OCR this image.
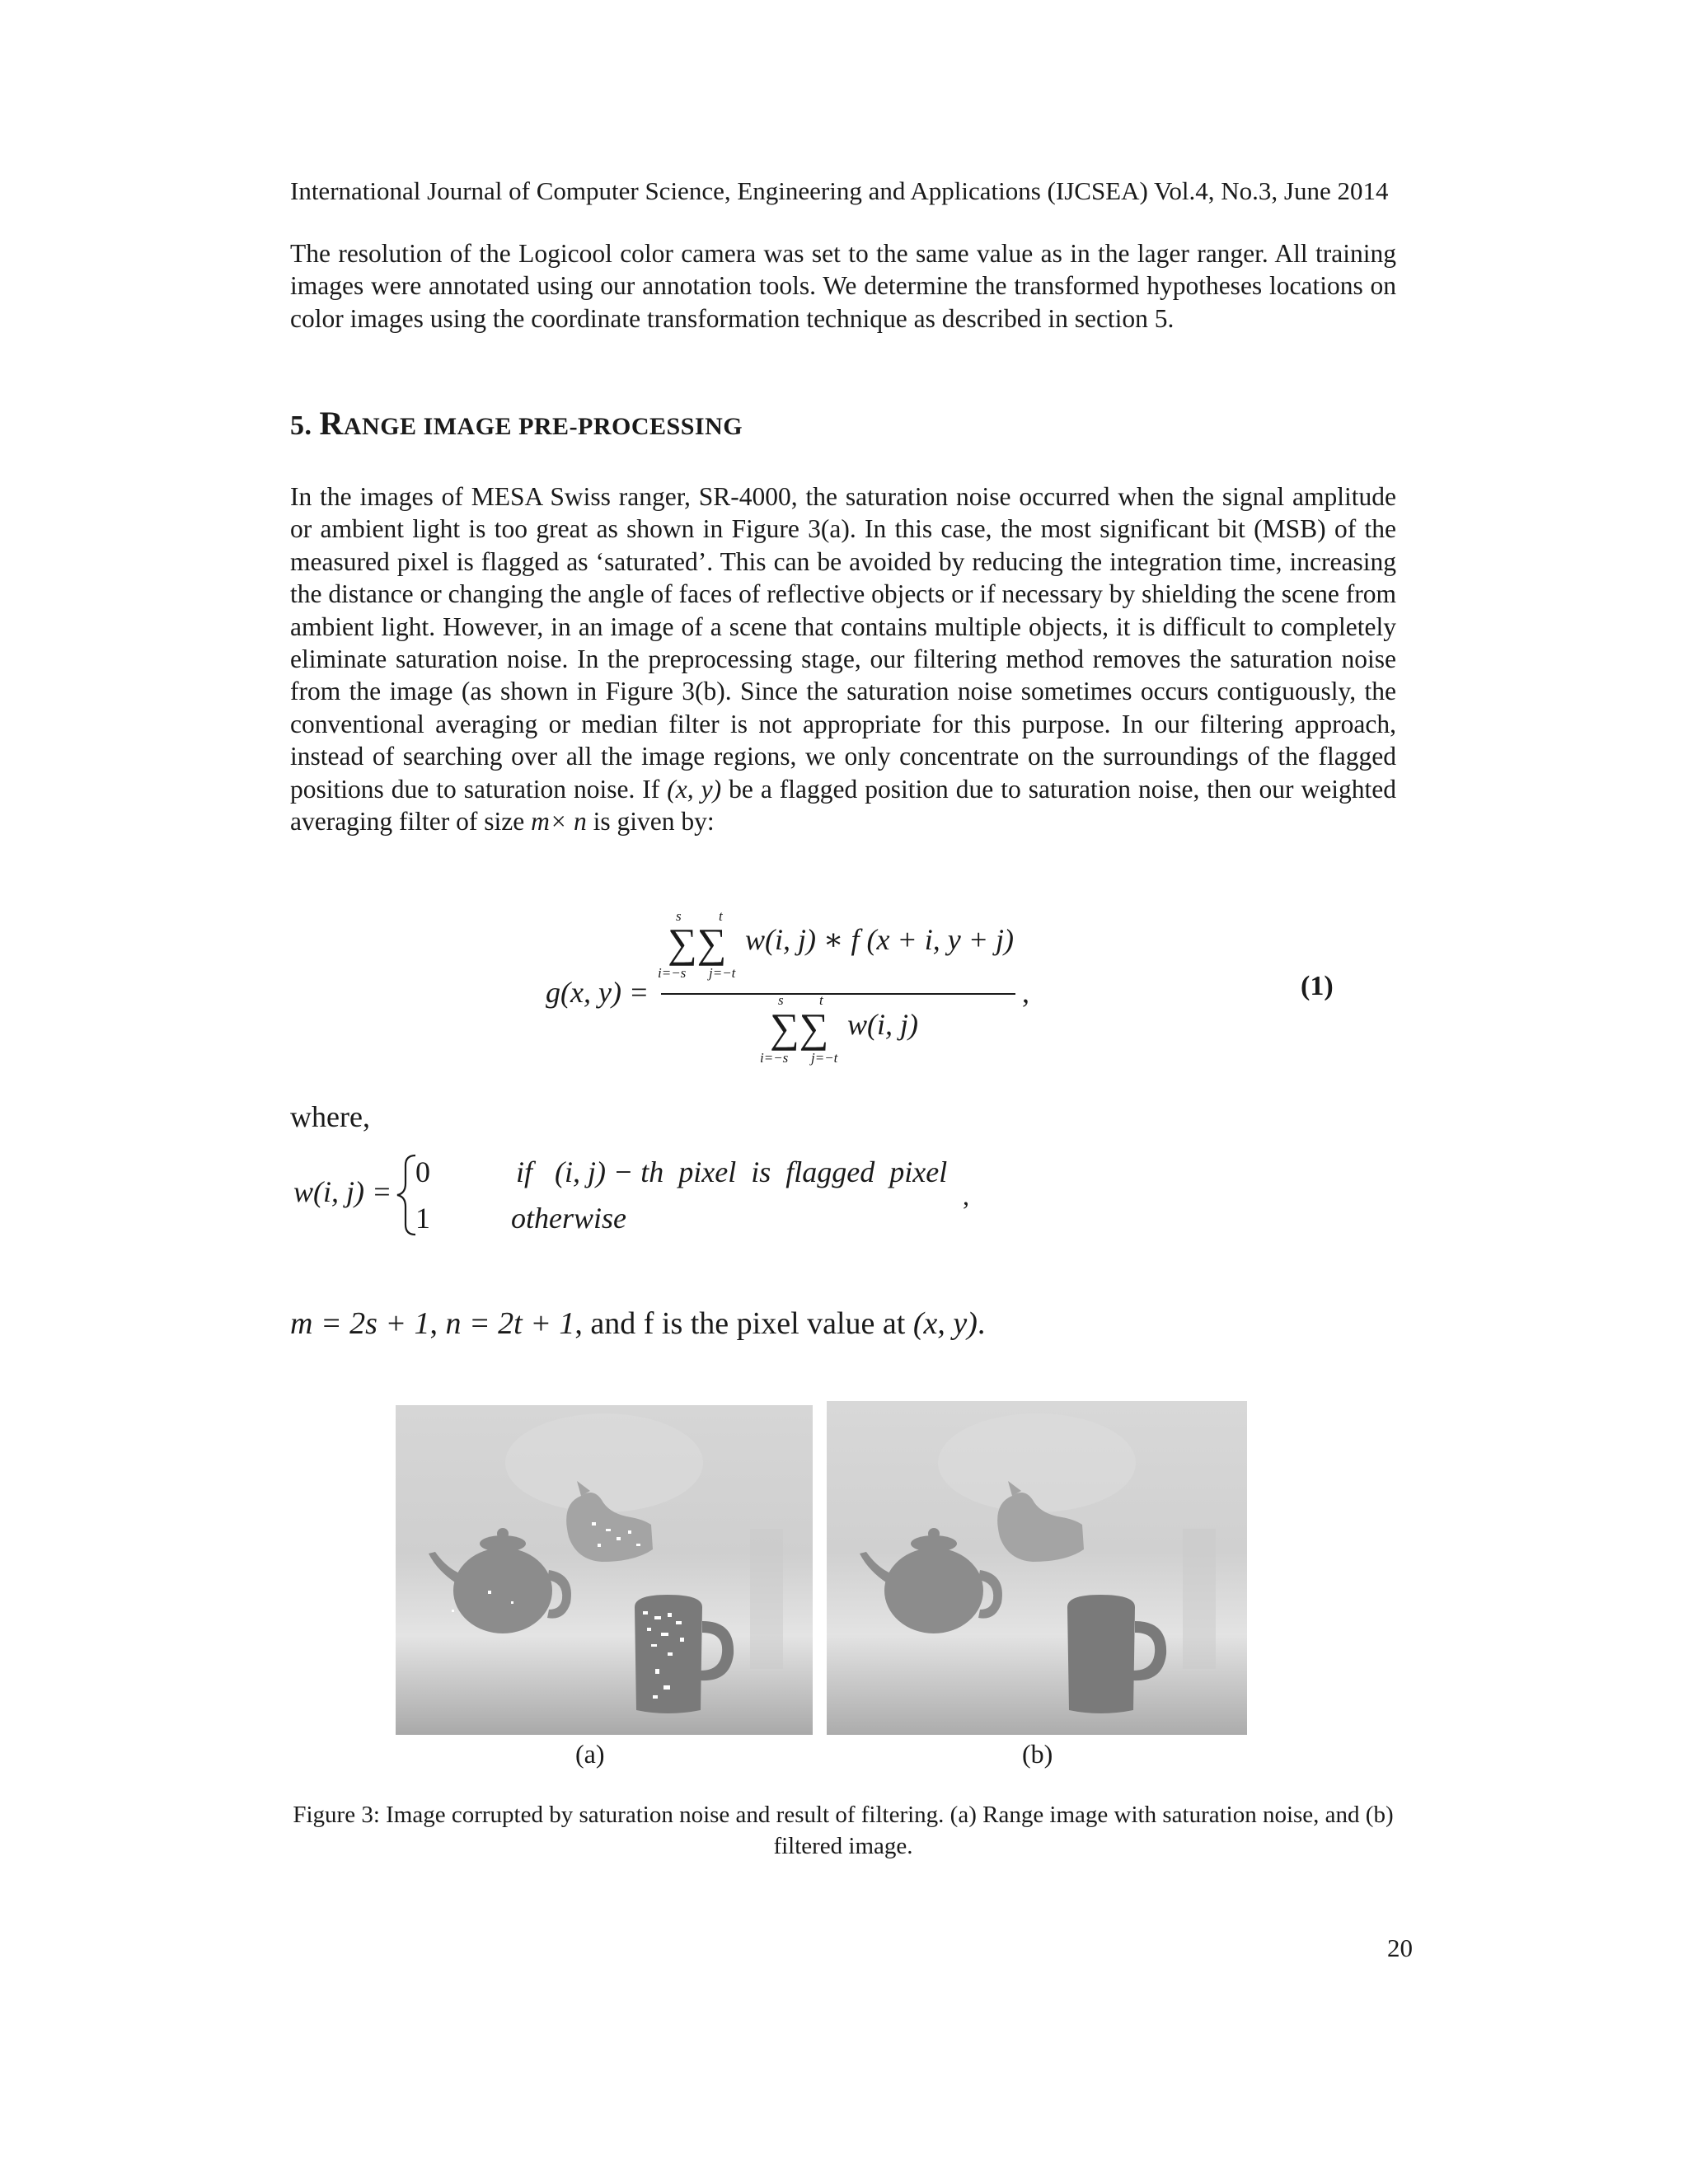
International Journal of Computer Science, Engineering and Applications (IJCSEA) Vol.4, No.3, June 2014
The resolution of the Logicool color camera was set to the same value as in the lager ranger. All training images were annotated using our annotation tools. We determine the transformed hypotheses locations on color images using the coordinate transformation technique as described in section 5.
5. RANGE IMAGE PRE-PROCESSING
In the images of MESA Swiss ranger, SR-4000, the saturation noise occurred when the signal amplitude or ambient light is too great as shown in Figure 3(a). In this case, the most significant bit (MSB) of the measured pixel is flagged as ‘saturated’. This can be avoided by reducing the integration time, increasing the distance or changing the angle of faces of reflective objects or if necessary by shielding the scene from ambient light. However, in an image of a scene that contains multiple objects, it is difficult to completely eliminate saturation noise. In the preprocessing stage, our filtering method removes the saturation noise from the image (as shown in Figure 3(b). Since the saturation noise sometimes occurs contiguously, the conventional averaging or median filter is not appropriate for this purpose. In our filtering approach, instead of searching over all the image regions, we only concentrate on the surroundings of the flagged positions due to saturation noise. If (x, y) be a flagged position due to saturation noise, then our weighted averaging filter of size m× n is given by:
g(x, y) =
s	t
∑∑
i=−s j=−t
w(i, j) ∗ f (x + i, y + j)
,
s	t
∑∑
i=−s j=−t
w(i, j)
(1)
where,
w(i, j) =
0	if   (i, j) − th  pixel  is  flagged  pixel
1	otherwise
,
m = 2s + 1, n = 2t + 1, and f is the pixel value at (x, y).
(a)	(b)
Figure 3: Image corrupted by saturation noise and result of filtering. (a) Range image with saturation noise, and (b) filtered image.
20
